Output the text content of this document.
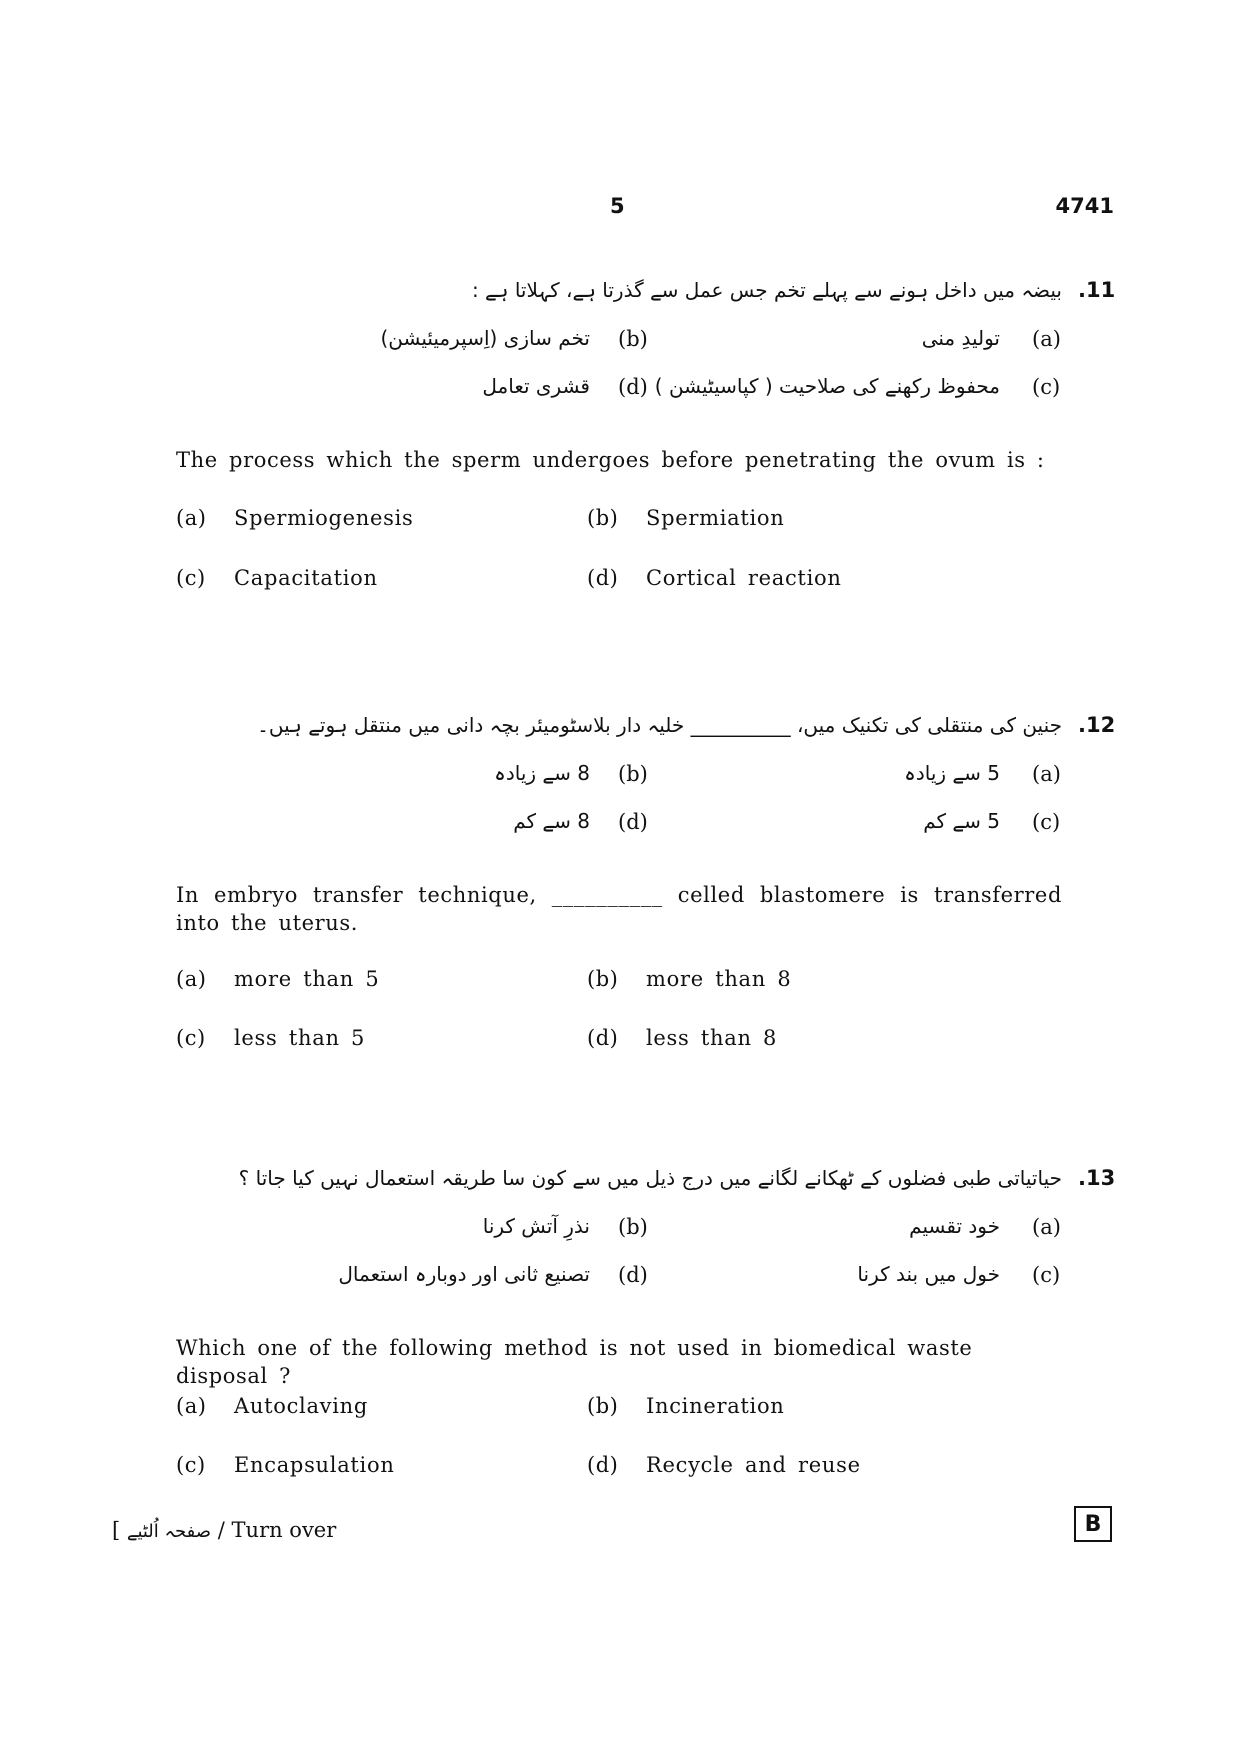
5	4741
.11
بیضہ میں داخل ہونے سے پہلے تخم جس عمل سے گذرتا ہے، کہلاتا ہے :
(a)
تولیدِ منی
(b)
تخم سازی (اِسپرمیئیشن)
(c)
محفوظ رکھنے کی صلاحیت ( کپاسیٹیشن )
(d)
قشری تعامل
The process which the sperm undergoes before penetrating the ovum is :
(a) Spermiogenesis	(b) Spermiation
(c) Capacitation	(d) Cortical reaction
.12
جنین کی منتقلی کی تکنیک میں، __________ خلیہ دار بلاسٹومیئر بچہ دانی میں منتقل ہوتے ہیں۔
(a)
5 سے زیادہ
(b)
8 سے زیادہ
(c)
5 سے کم
(d)
8 سے کم
In embryo transfer technique, __________ celled blastomere is transferred into the uterus.
(a) more than 5	(b) more than 8
(c) less than 5	(d) less than 8
.13
حیاتیاتی طبی فضلوں کے ٹھکانے لگانے میں درج ذیل میں سے کون سا طریقہ استعمال نہیں کیا جاتا ؟
(a)
خود تقسیم
(b)
نذرِ آتش کرنا
(c)
خول میں بند کرنا
(d)
تصنیع ثانی اور دوبارہ استعمال
Which one of the following method is not used in biomedical waste disposal ?
(a) Autoclaving	(b) Incineration
(c) Encapsulation	(d) Recycle and reuse
[ صفحہ اُلٹیے / Turn over	B
